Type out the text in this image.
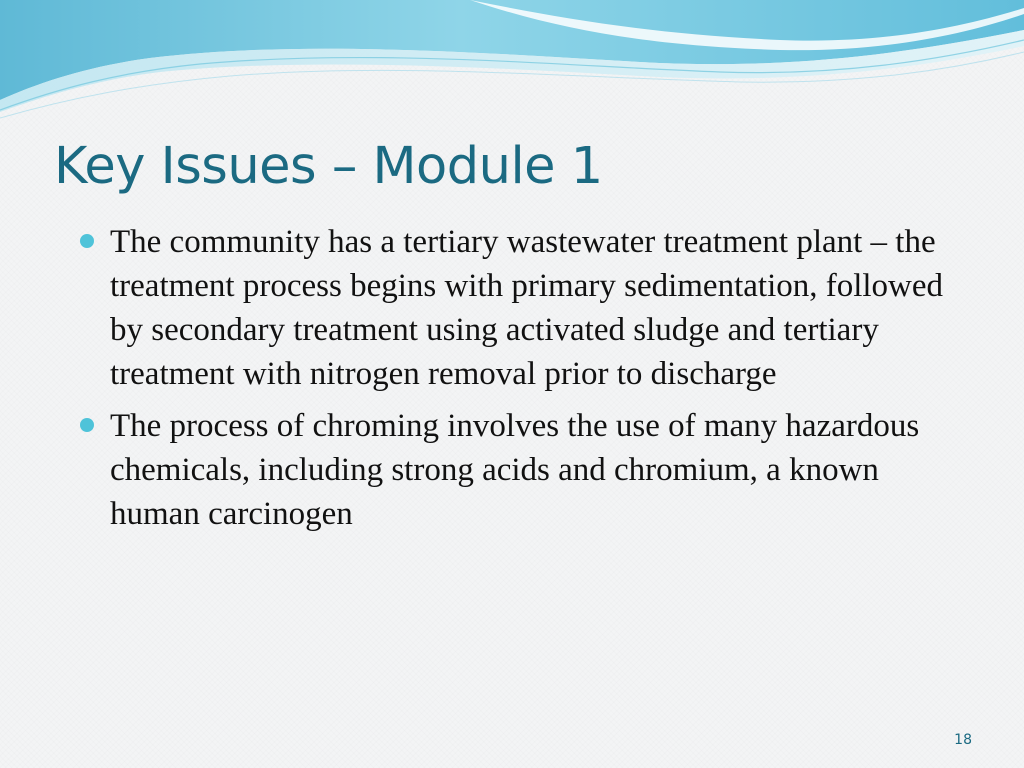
Key Issues – Module 1
The community has a tertiary wastewater treatment plant – the treatment process begins with primary sedimentation, followed by secondary treatment using activated sludge and tertiary treatment with nitrogen removal prior to discharge
The process of chroming involves the use of many hazardous chemicals, including strong acids and chromium, a known human carcinogen
18
